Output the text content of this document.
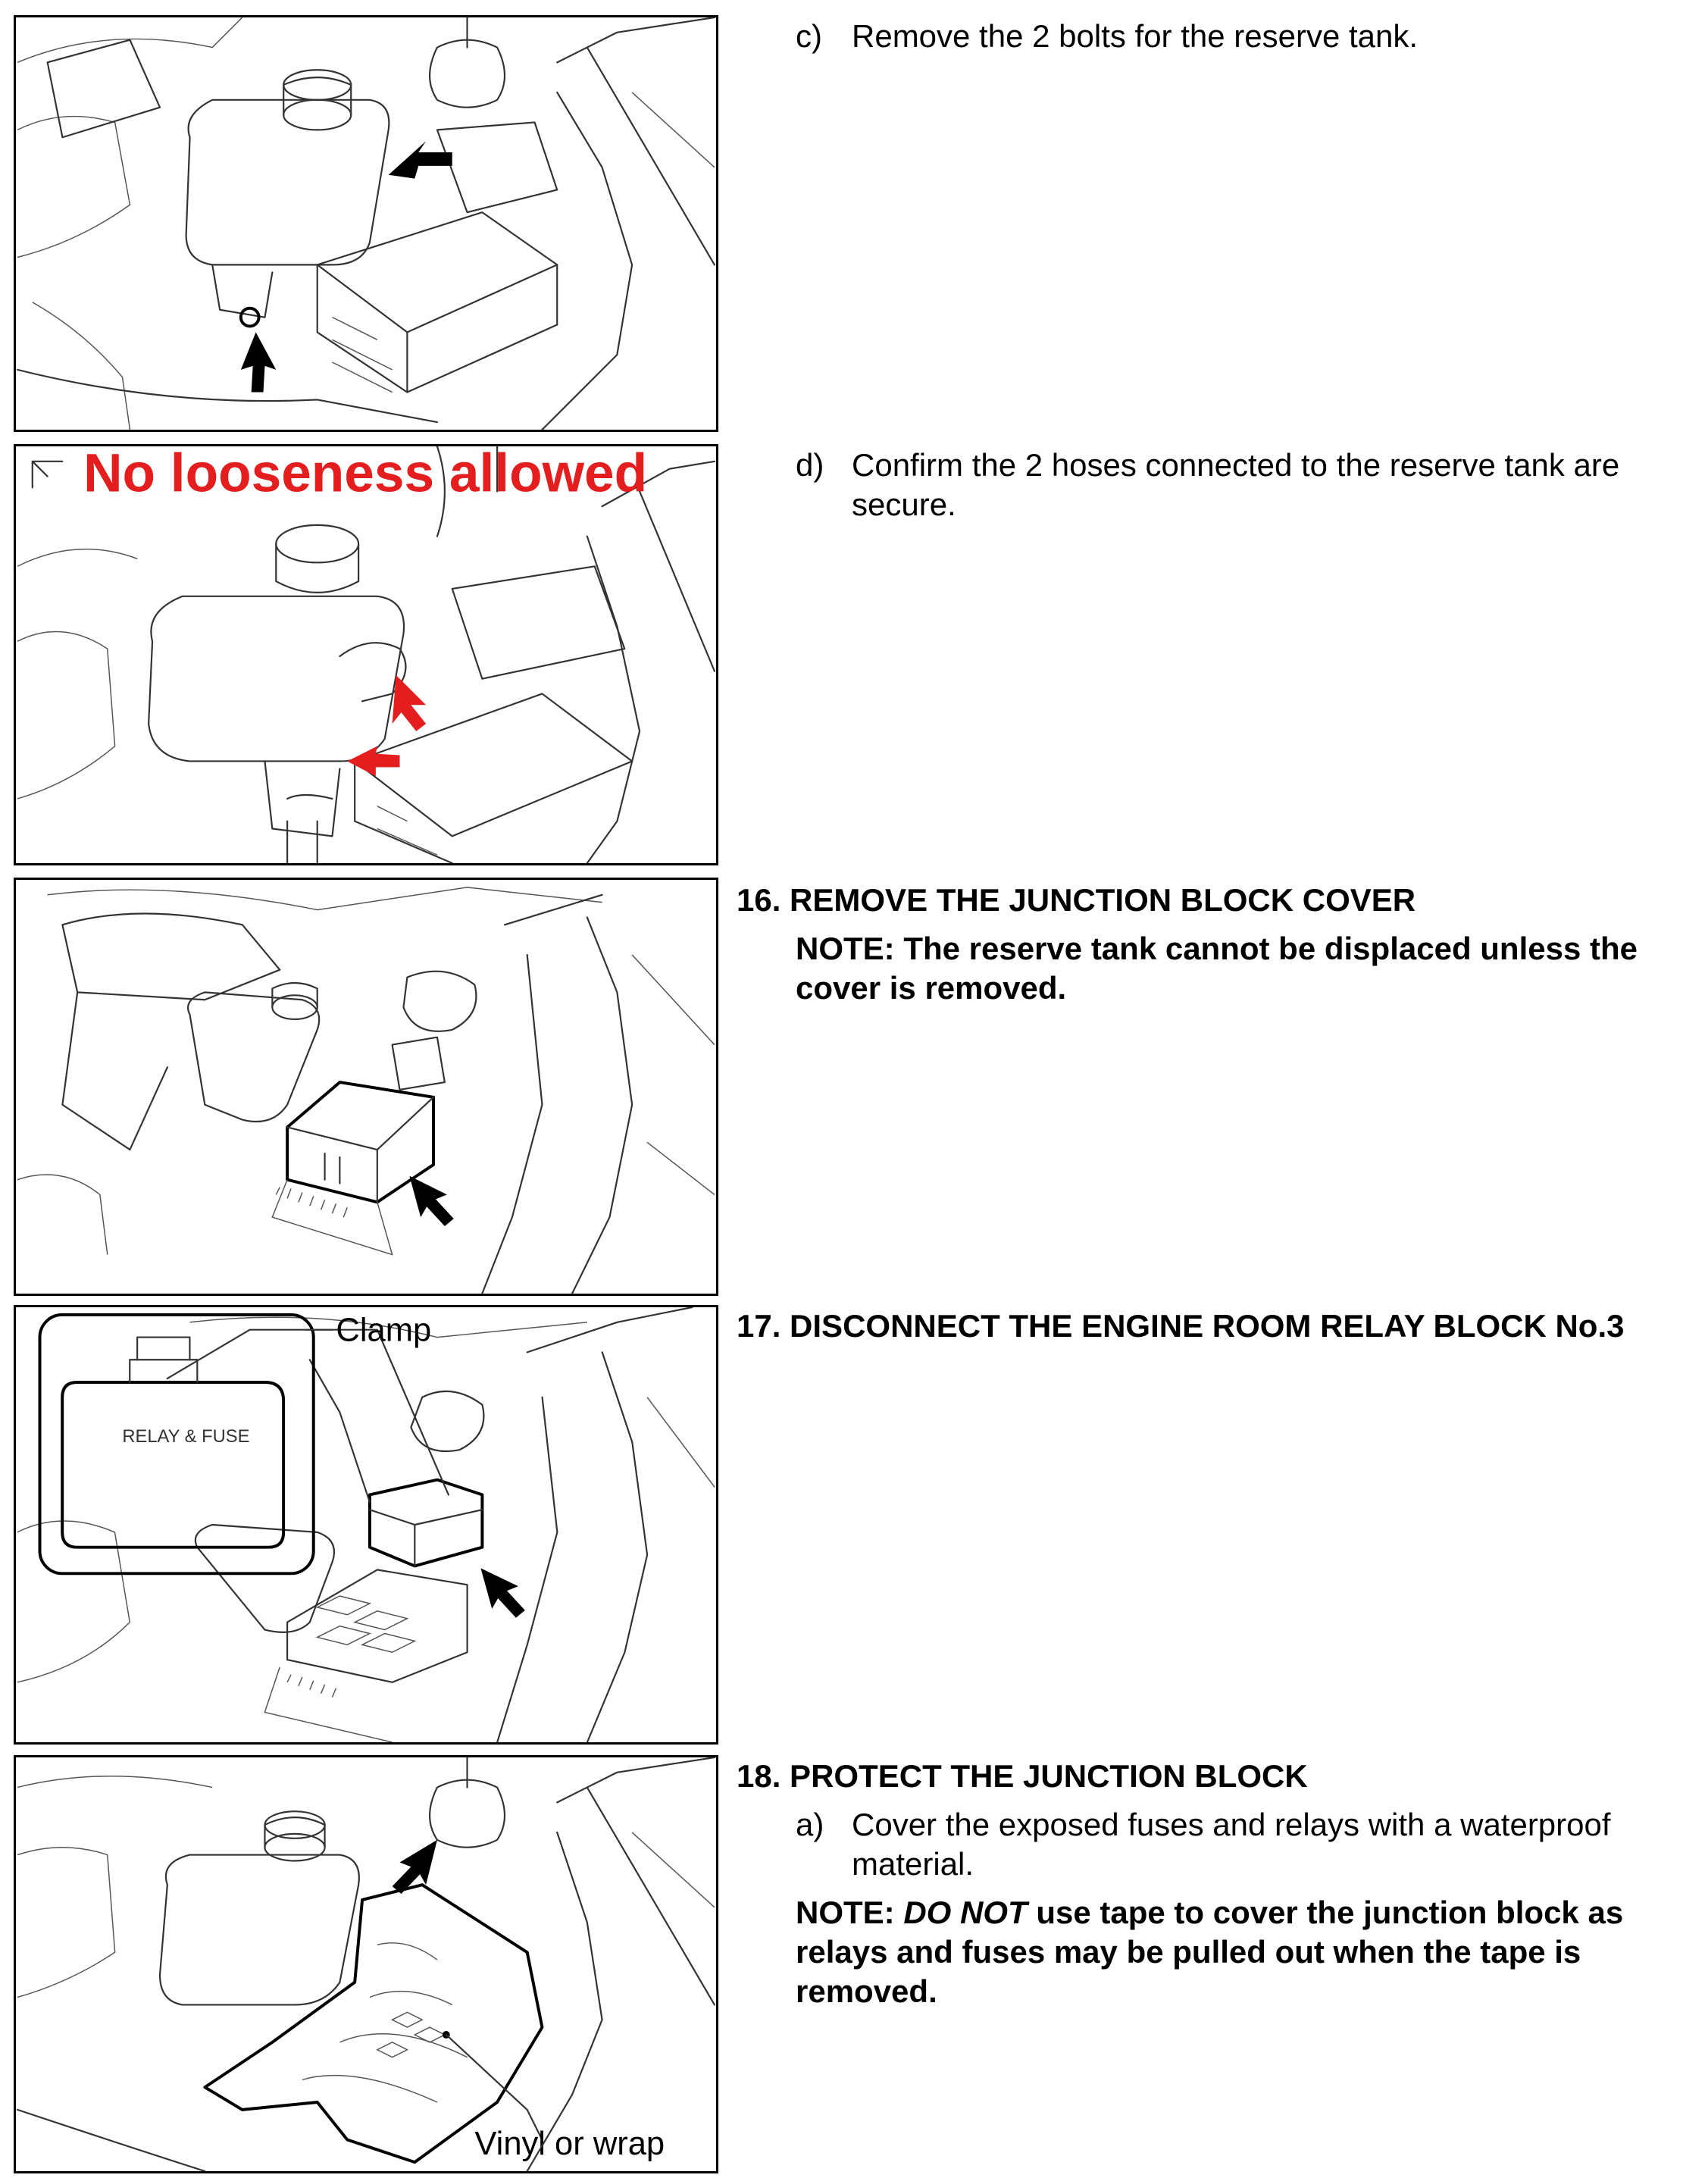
c) Remove the 2 bolts for the reserve tank.
No looseness allowed	d) Confirm the 2 hoses connected to the reserve tank are secure.
16. REMOVE THE JUNCTION BLOCK COVER
NOTE: The reserve tank cannot be displaced unless the cover is removed.
RELAY & FUSE
Clamp	17. DISCONNECT THE ENGINE ROOM RELAY BLOCK No.3
Vinyl or wrap
18. PROTECT THE JUNCTION BLOCK
a) Cover the exposed fuses and relays with a waterproof material.
NOTE: DO NOT use tape to cover the junction block as relays and fuses may be pulled out when the tape is removed.
